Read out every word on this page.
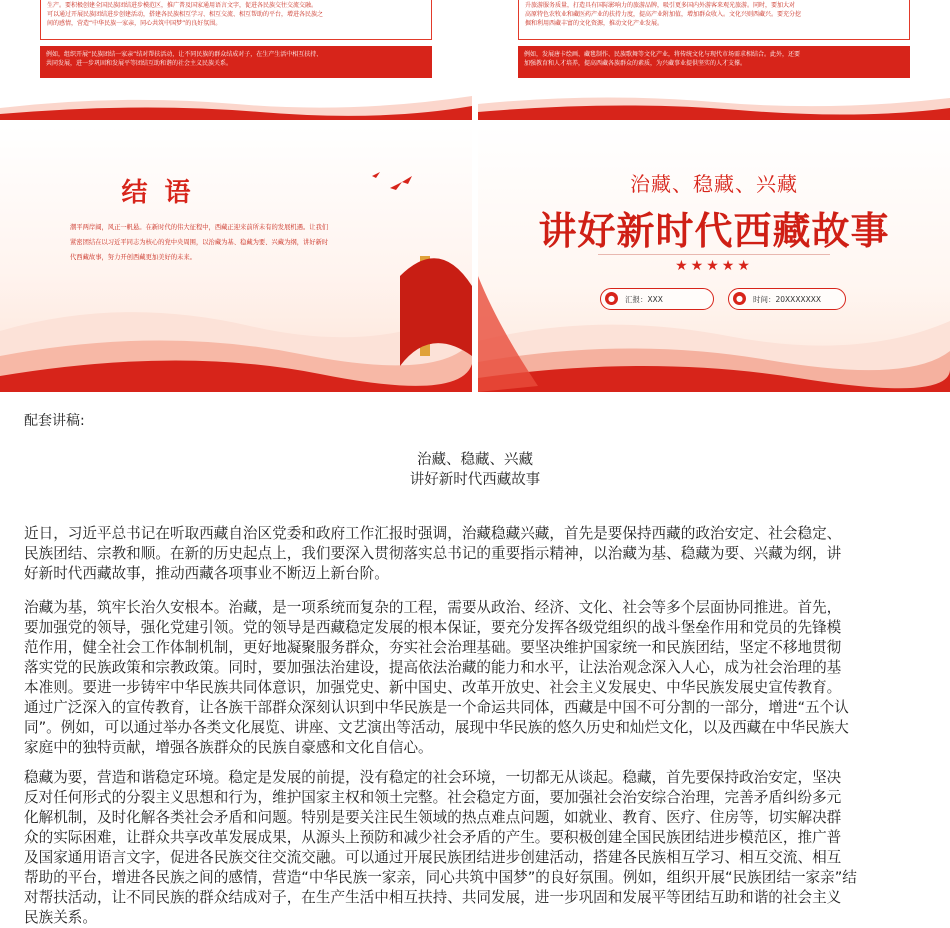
生产。要积极创建全国民族团结进步模范区，推广普及国家通用语言文字，促进各民族交往交流交融。
可以通过开展民族团结进步创建活动，搭建各民族相互学习、相互交流、相互帮助的平台，增进各民族之
间的感情，营造“中华民族一家亲，同心共筑中国梦”的良好氛围。
例如，组织开展“民族团结一家亲”结对帮扶活动，让不同民族的群众结成对子，在生产生活中相互扶持、
共同发展，进一步巩固和发展平等团结互助和谐的社会主义民族关系。
升旅游服务质量，打造具有国际影响力的旅游品牌，吸引更多国内外游客来观光旅游。同时，要加大对
高原特色农牧业和藏医药产业的扶持力度，提高产业附加值，增加群众收入。文化兴则西藏兴。要充分挖
掘和利用西藏丰富的文化资源，推动文化产业发展。
例如，发展唐卡绘画、藏毯制作、民族歌舞等文化产业，将传统文化与现代市场需求相结合。此外，还要
加强教育和人才培养，提高西藏各族群众的素质，为兴藏事业提供坚实的人才支撑。
结 语
潮平两岸阔，风正一帆悬。在新时代的伟大征程中，西藏正迎来前所未有的发展机遇。让我们
紧密团结在以习近平同志为核心的党中央周围，以治藏为基、稳藏为要、兴藏为纲，讲好新时
代西藏故事，努力开创西藏更加美好的未来。
治藏、稳藏、兴藏
讲好新时代西藏故事
★★★★★
●	汇报：XXX	●	时间：20XXXXXXX
配套讲稿:
治藏、稳藏、兴藏
讲好新时代西藏故事
近日，习近平总书记在听取西藏自治区党委和政府工作汇报时强调，治藏稳藏兴藏，首先是要保持西藏的政治安定、社会稳定、
民族团结、宗教和顺。在新的历史起点上，我们要深入贯彻落实总书记的重要指示精神，以治藏为基、稳藏为要、兴藏为纲，讲
好新时代西藏故事，推动西藏各项事业不断迈上新台阶。
治藏为基，筑牢长治久安根本。治藏，是一项系统而复杂的工程，需要从政治、经济、文化、社会等多个层面协同推进。首先，
要加强党的领导，强化党建引领。党的领导是西藏稳定发展的根本保证，要充分发挥各级党组织的战斗堡垒作用和党员的先锋模
范作用，健全社会工作体制机制，更好地凝聚服务群众，夯实社会治理基础。要坚决维护国家统一和民族团结，坚定不移地贯彻
落实党的民族政策和宗教政策。同时，要加强法治建设，提高依法治藏的能力和水平，让法治观念深入人心，成为社会治理的基
本准则。要进一步铸牢中华民族共同体意识，加强党史、新中国史、改革开放史、社会主义发展史、中华民族发展史宣传教育。
通过广泛深入的宣传教育，让各族干部群众深刻认识到中华民族是一个命运共同体，西藏是中国不可分割的一部分，增进“五个认
同”。例如，可以通过举办各类文化展览、讲座、文艺演出等活动，展现中华民族的悠久历史和灿烂文化，以及西藏在中华民族大
家庭中的独特贡献，增强各族群众的民族自豪感和文化自信心。
稳藏为要，营造和谐稳定环境。稳定是发展的前提，没有稳定的社会环境，一切都无从谈起。稳藏，首先要保持政治安定，坚决
反对任何形式的分裂主义思想和行为，维护国家主权和领土完整。社会稳定方面，要加强社会治安综合治理，完善矛盾纠纷多元
化解机制，及时化解各类社会矛盾和问题。特别是要关注民生领域的热点难点问题，如就业、教育、医疗、住房等，切实解决群
众的实际困难，让群众共享改革发展成果，从源头上预防和减少社会矛盾的产生。要积极创建全国民族团结进步模范区，推广普
及国家通用语言文字，促进各民族交往交流交融。可以通过开展民族团结进步创建活动，搭建各民族相互学习、相互交流、相互
帮助的平台，增进各民族之间的感情，营造“中华民族一家亲，同心共筑中国梦”的良好氛围。例如，组织开展“民族团结一家亲”结
对帮扶活动，让不同民族的群众结成对子，在生产生活中相互扶持、共同发展，进一步巩固和发展平等团结互助和谐的社会主义
民族关系。
